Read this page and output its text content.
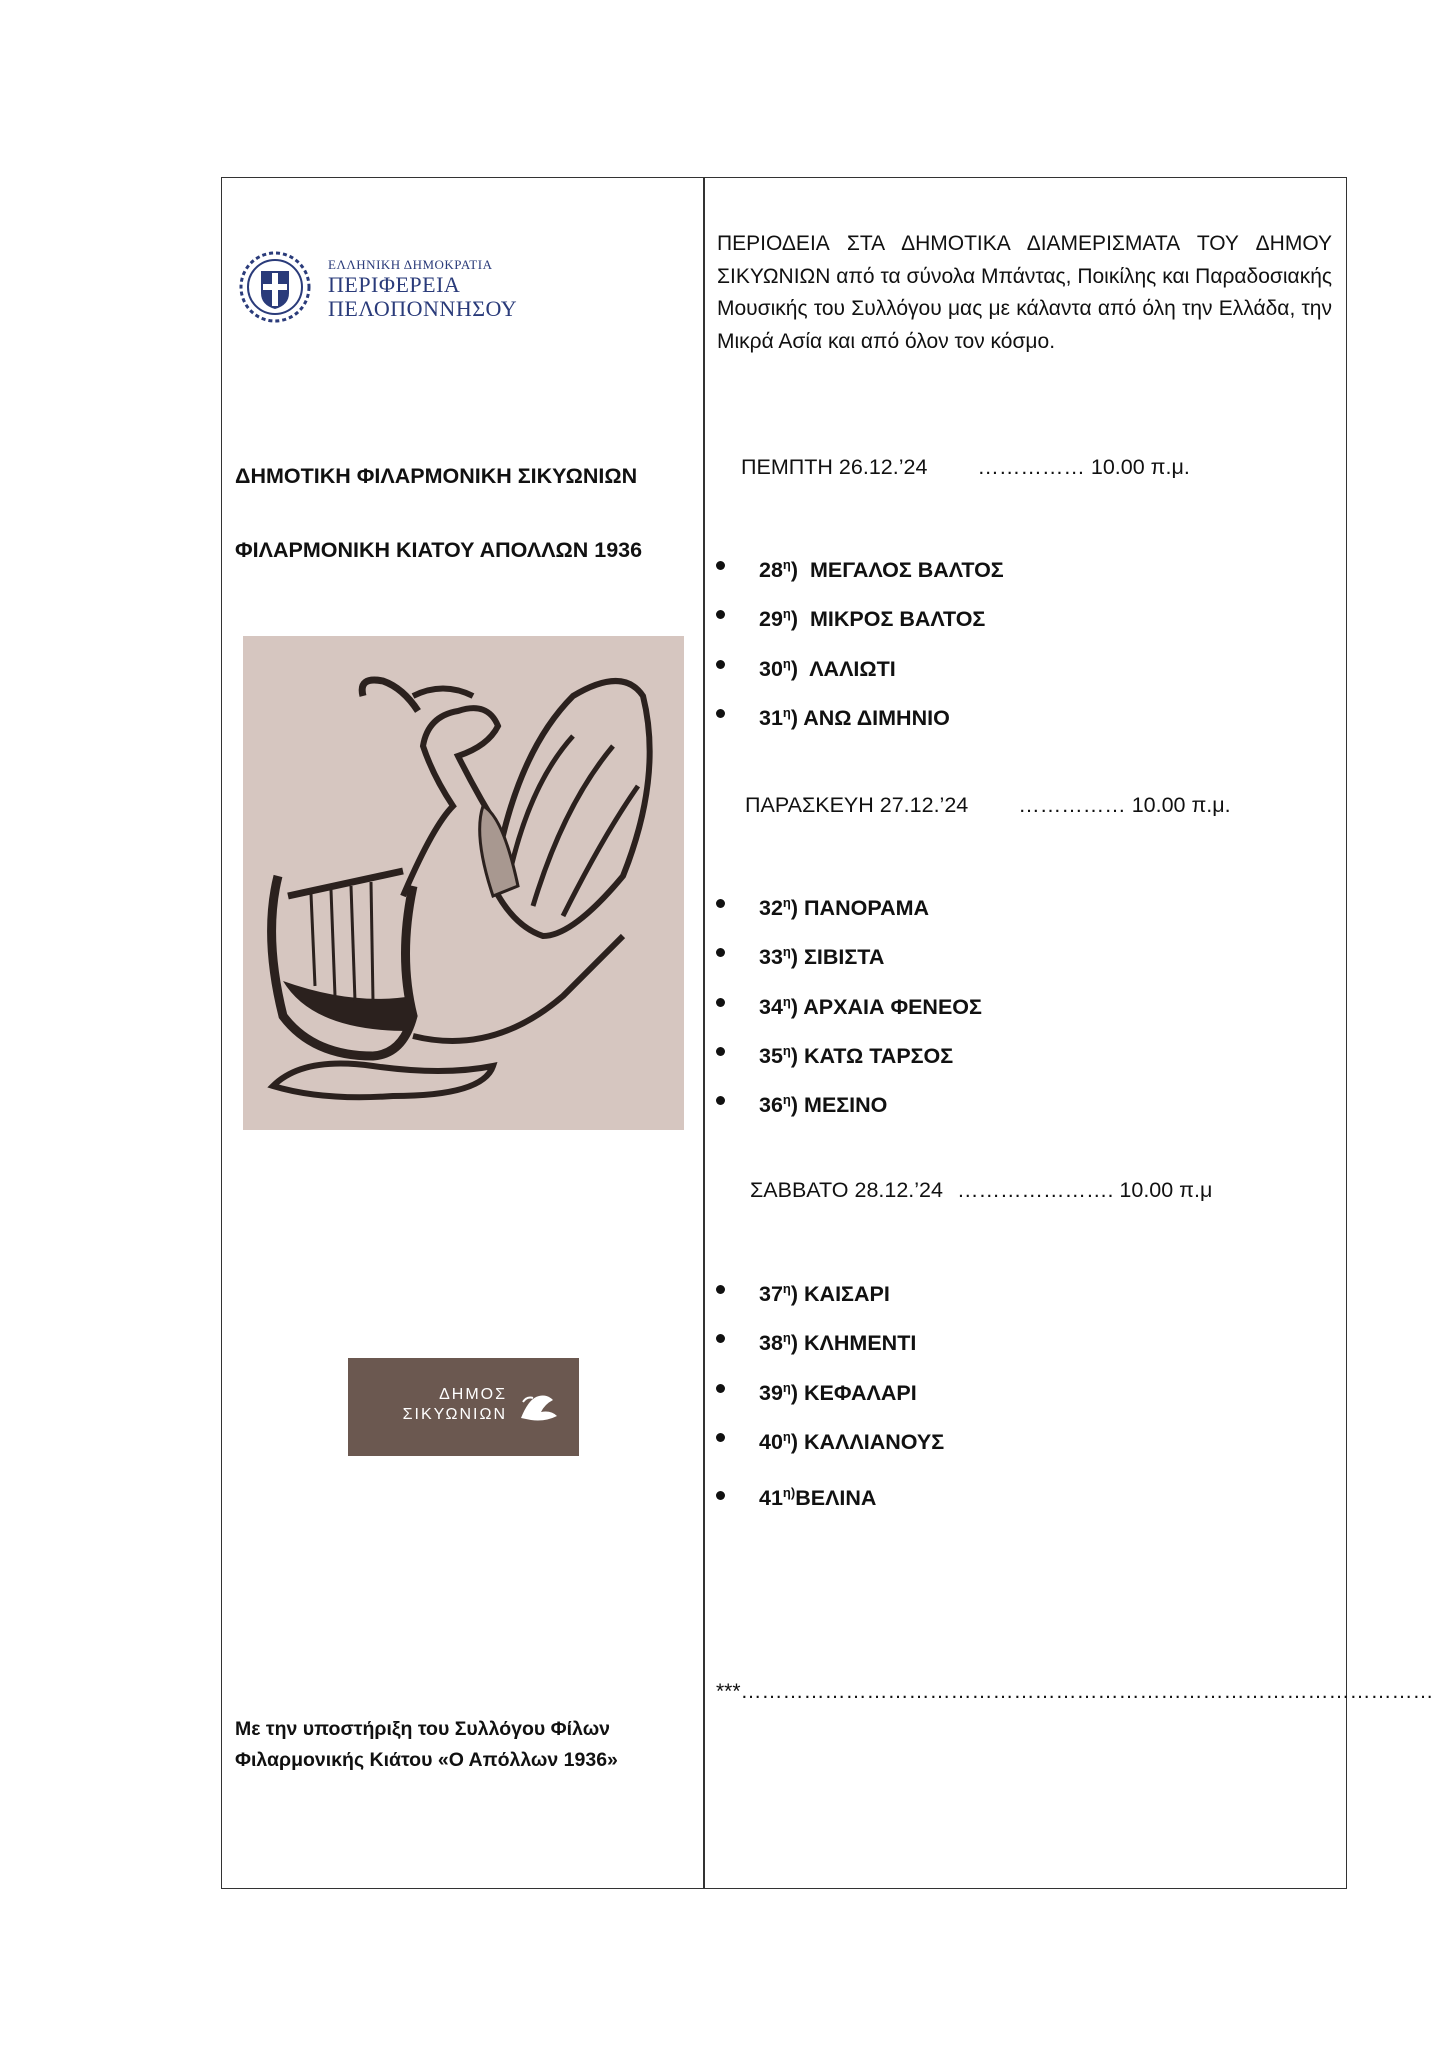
ΕΛΛΗΝΙΚΗ ΔΗΜΟΚΡΑΤΙΑ
ΠΕΡΙΦΕΡΕΙΑ
ΠΕΛΟΠΟΝΝΗΣΟΥ
ΔΗΜΟΤΙΚΗ ΦΙΛΑΡΜΟΝΙΚΗ ΣΙΚΥΩΝΙΩΝ
ΦΙΛΑΡΜΟΝΙΚΗ ΚΙΑΤΟΥ ΑΠΟΛΛΩΝ 1936
ΔΗΜΟΣ
ΣΙΚΥΩΝΙΩΝ
Με την υποστήριξη του Συλλόγου Φίλων Φιλαρμονικής Κιάτου «Ο Απόλλων 1936»
ΠΕΡΙΟΔΕΙΑ ΣΤΑ ΔΗΜΟΤΙΚΑ ΔΙΑΜΕΡΙΣΜΑΤΑ ΤΟΥ ΔΗΜΟΥ ΣΙΚΥΩΝΙΩΝ από τα σύνολα Μπάντας, Ποικίλης και Παραδοσιακής Μουσικής του Συλλόγου μας με κάλαντα από όλη την Ελλάδα, την Μικρά Ασία και από όλον τον κόσμο.
ΠΕΜΠΤΗ 26.12.’24 …………… 10.00 π.μ.
$28^\eta$) ΜΕΓΑΛΟΣ ΒΑΛΤΟΣ
$29^\eta$) ΜΙΚΡΟΣ ΒΑΛΤΟΣ
$30^\eta$) ΛΑΛΙΩΤΙ
$31^\eta$) ΑΝΩ ΔΙΜΗΝΙΟ
ΠΑΡΑΣΚΕΥΗ 27.12.’24 …………… 10.00 π.μ.
$32^\eta$) ΠΑΝΟΡΑΜΑ
$33^\eta$) ΣΙΒΙΣΤΑ
$34^\eta$) ΑΡΧΑΙΑ ΦΕΝΕΟΣ
$35^\eta$) ΚΑΤΩ ΤΑΡΣΟΣ
$36^\eta$) ΜΕΣΙΝΟ
ΣΑΒΒΑΤΟ 28.12.’24 …………………. 10.00 π.μ
$37^\eta$) ΚΑΙΣΑΡΙ
$38^\eta$) ΚΛΗΜΕΝΤΙ
$39^\eta$) ΚΕΦΑΛΑΡΙ
$40^\eta$) ΚΑΛΛΙΑΝΟΥΣ
$41^{\eta)}BE\Lambda INA$
***………………………………………………………………………………………
